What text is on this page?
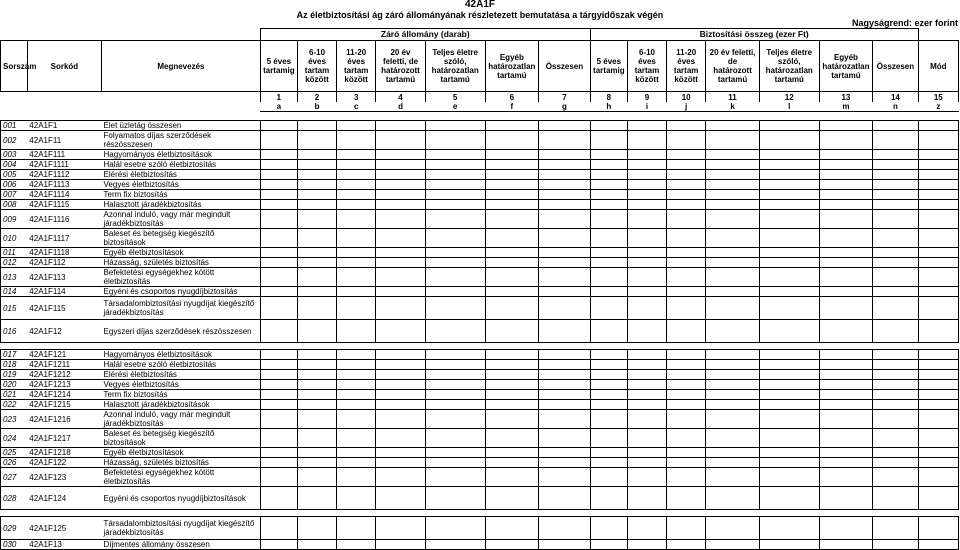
42A1F
Az életbiztosítási ág záró állományának részletezett bemutatása a tárgyidőszak végén
Nagyságrend: ezer forint
			Záró állomány (darab)							Biztosítási összeg (ezer Ft)							
Sorszám	Sorkód	Megnevezés	5 éves tartamig	6-10 éves tartam között	11-20 éves tartam között	20 év feletti, de határozott tartamú	Teljes életre szóló, határozatlan tartamú	Egyéb határozatlan tartamú	Összesen	5 éves tartamig	6-10 éves tartam között	11-20 éves tartam között	20 év feletti, de határozott tartamú	Teljes életre szóló, határozatlan tartamú	Egyéb határozatlan tartamú	Összesen	Mód
			1	2	3	4	5	6	7	8	9	10	11	12	13	14	15
			a	b	c	d	e	f	g	h	i	j	k	l	m	n	z

001	42A1F1	Élet üzletág összesen															
002	42A1F11	Folyamatos díjas szerződések részösszesen															
003	42A1F111	Hagyományos életbiztosítások															
004	42A1F1111	Halál esetre szóló életbiztosítás															
005	42A1F1112	Elérési életbiztosítás															
006	42A1F1113	Vegyes életbiztosítás															
007	42A1F1114	Term fix biztosítás															
008	42A1F1115	Halasztott járadékbiztosítás															
009	42A1F1116	Azonnal induló, vagy már megindult járadékbiztosítás															
010	42A1F1117	Baleset és betegség kiegészítő biztosítások															
011	42A1F1118	Egyéb életbiztosítások															
012	42A1F112	Házasság, születés biztosítás															
013	42A1F113	Befektetési egységekhez kötött életbiztosítás															
014	42A1F114	Egyéni és csoportos nyugdíjbiztosítás															
015	42A1F115	Társadalombiztosítási nyugdíjat kiegészítő járadékbiztosítás															
016	42A1F12	Egyszeri díjas szerződések részösszesen															

017	42A1F121	Hagyományos életbiztosítások															
018	42A1F1211	Halál esetre szóló életbiztosítás															
019	42A1F1212	Elérési életbiztosítás															
020	42A1F1213	Vegyes életbiztosítás															
021	42A1F1214	Term fix biztosítás															
022	42A1F1215	Halasztott járadékbiztosítások															
023	42A1F1216	Azonnal induló, vagy már megindult járadékbiztosítás															
024	42A1F1217	Baleset és betegség kiegészítő biztosítások															
025	42A1F1218	Egyéb életbiztosítások															
026	42A1F122	Házasság, születés biztosítás															
027	42A1F123	Befektetési egységekhez kötött életbiztosítás															
028	42A1F124	Egyéni és csoportos nyugdíjbiztosítások															

029	42A1F125	Társadalombiztosítási nyugdíjat kiegészítő járadékbiztosítás															
030	42A1F13	Díjmentes állomány összesen															
